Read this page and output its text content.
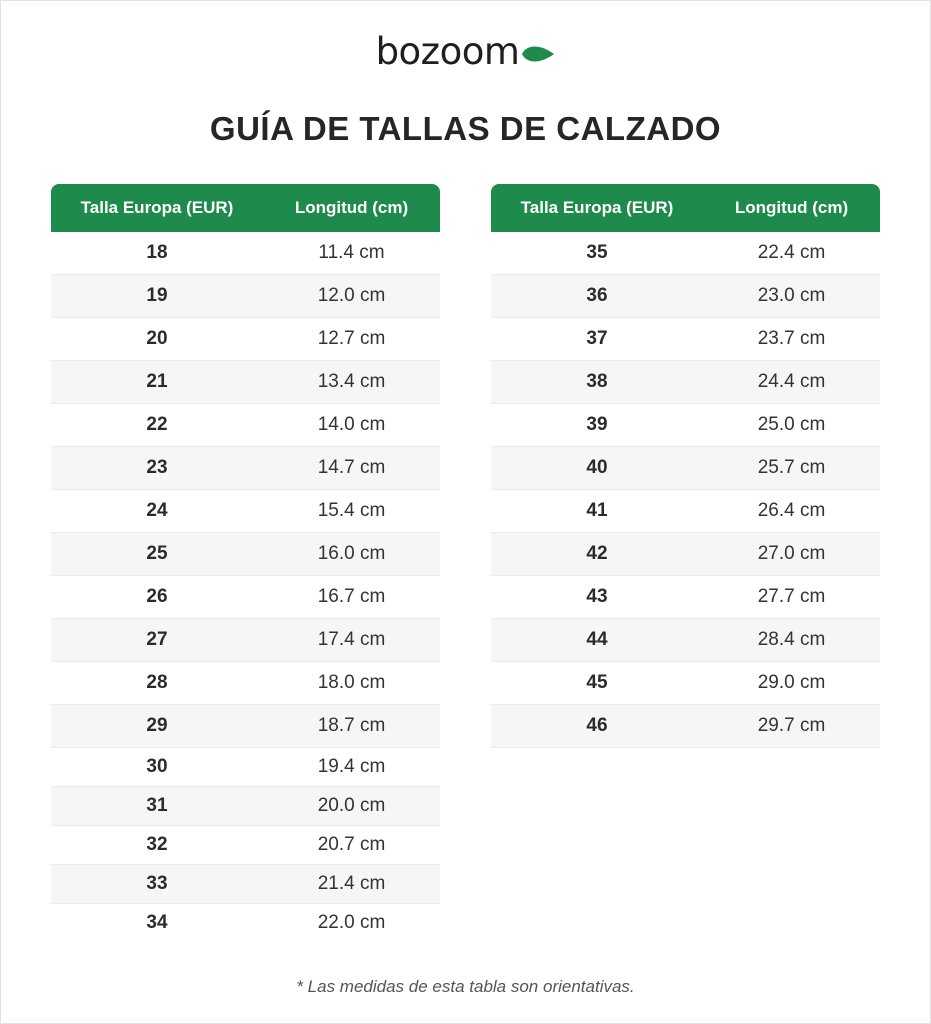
bozoom
GUÍA DE TALLAS DE CALZADO
Talla Europa (EUR)	Longitud (cm)
18	11.4 cm
19	12.0 cm
20	12.7 cm
21	13.4 cm
22	14.0 cm
23	14.7 cm
24	15.4 cm
25	16.0 cm
26	16.7 cm
27	17.4 cm
28	18.0 cm
29	18.7 cm
30	19.4 cm
31	20.0 cm
32	20.7 cm
33	21.4 cm
34	22.0 cm
Talla Europa (EUR)	Longitud (cm)
35	22.4 cm
36	23.0 cm
37	23.7 cm
38	24.4 cm
39	25.0 cm
40	25.7 cm
41	26.4 cm
42	27.0 cm
43	27.7 cm
44	28.4 cm
45	29.0 cm
46	29.7 cm

* Las medidas de esta tabla son orientativas.
